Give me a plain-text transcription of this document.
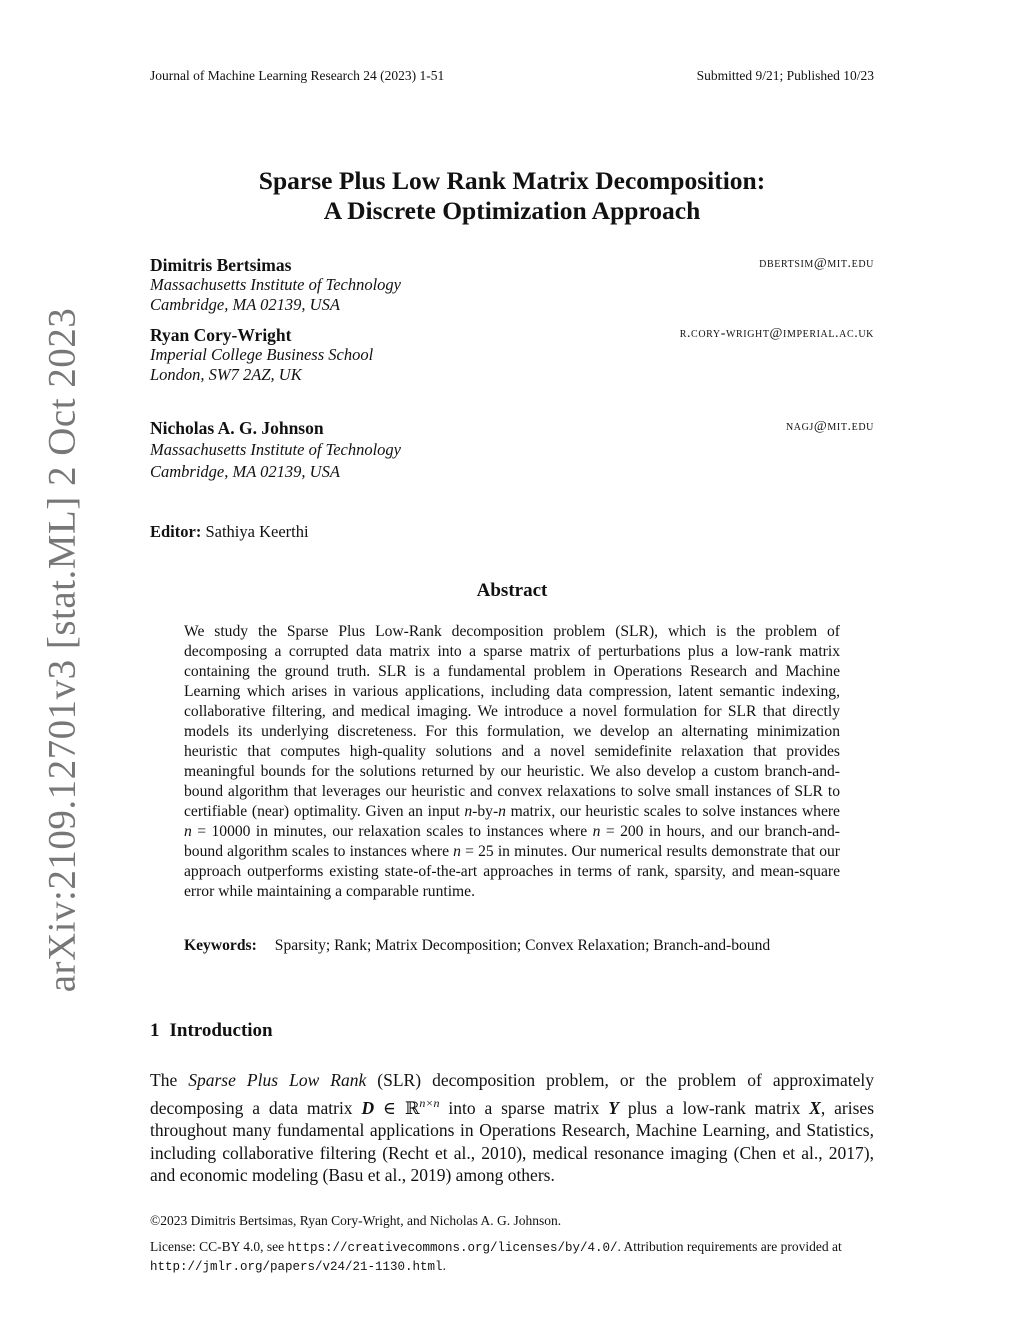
Journal of Machine Learning Research 24 (2023) 1-51	Submitted 9/21; Published 10/23
arXiv:2109.12701v3 [stat.ML] 2 Oct 2023
Sparse Plus Low Rank Matrix Decomposition:
A Discrete Optimization Approach
Dimitris Bertsimas	dbertsim@mit.edu
Massachusetts Institute of Technology
Cambridge, MA 02139, USA
Ryan Cory-Wright	r.cory-wright@imperial.ac.uk
Imperial College Business School
London, SW7 2AZ, UK
Nicholas A. G. Johnson	nagj@mit.edu
Massachusetts Institute of Technology
Cambridge, MA 02139, USA
Editor: Sathiya Keerthi
Abstract
We study the Sparse Plus Low-Rank decomposition problem (SLR), which is the problem of decomposing a corrupted data matrix into a sparse matrix of perturbations plus a low-rank matrix containing the ground truth. SLR is a fundamental problem in Operations Research and Machine Learning which arises in various applications, including data compression, latent semantic indexing, collaborative filtering, and medical imaging. We introduce a novel formulation for SLR that directly models its underlying discreteness. For this formulation, we develop an alternating minimization heuristic that computes high-quality solutions and a novel semidefinite relaxation that provides meaningful bounds for the solutions returned by our heuristic. We also develop a custom branch-and-bound algorithm that leverages our heuristic and convex relaxations to solve small instances of SLR to certifiable (near) optimality. Given an input n-by-n matrix, our heuristic scales to solve instances where n = 10000 in minutes, our relaxation scales to instances where n = 200 in hours, and our branch-and-bound algorithm scales to instances where n = 25 in minutes. Our numerical results demonstrate that our approach outperforms existing state-of-the-art approaches in terms of rank, sparsity, and mean-square error while maintaining a comparable runtime.
Keywords: Sparsity; Rank; Matrix Decomposition; Convex Relaxation; Branch-and-bound
1 Introduction
The Sparse Plus Low Rank (SLR) decomposition problem, or the problem of approximately decomposing a data matrix D ∈ ℝ$^{n\times n}$ into a sparse matrix Y plus a low-rank matrix X, arises throughout many fundamental applications in Operations Research, Machine Learning, and Statistics, including collaborative filtering (Recht et al., 2010), medical resonance imaging (Chen et al., 2017), and economic modeling (Basu et al., 2019) among others.
©2023 Dimitris Bertsimas, Ryan Cory-Wright, and Nicholas A. G. Johnson.
License: CC-BY 4.0, see https://creativecommons.org/licenses/by/4.0/. Attribution requirements are provided at http://jmlr.org/papers/v24/21-1130.html.
